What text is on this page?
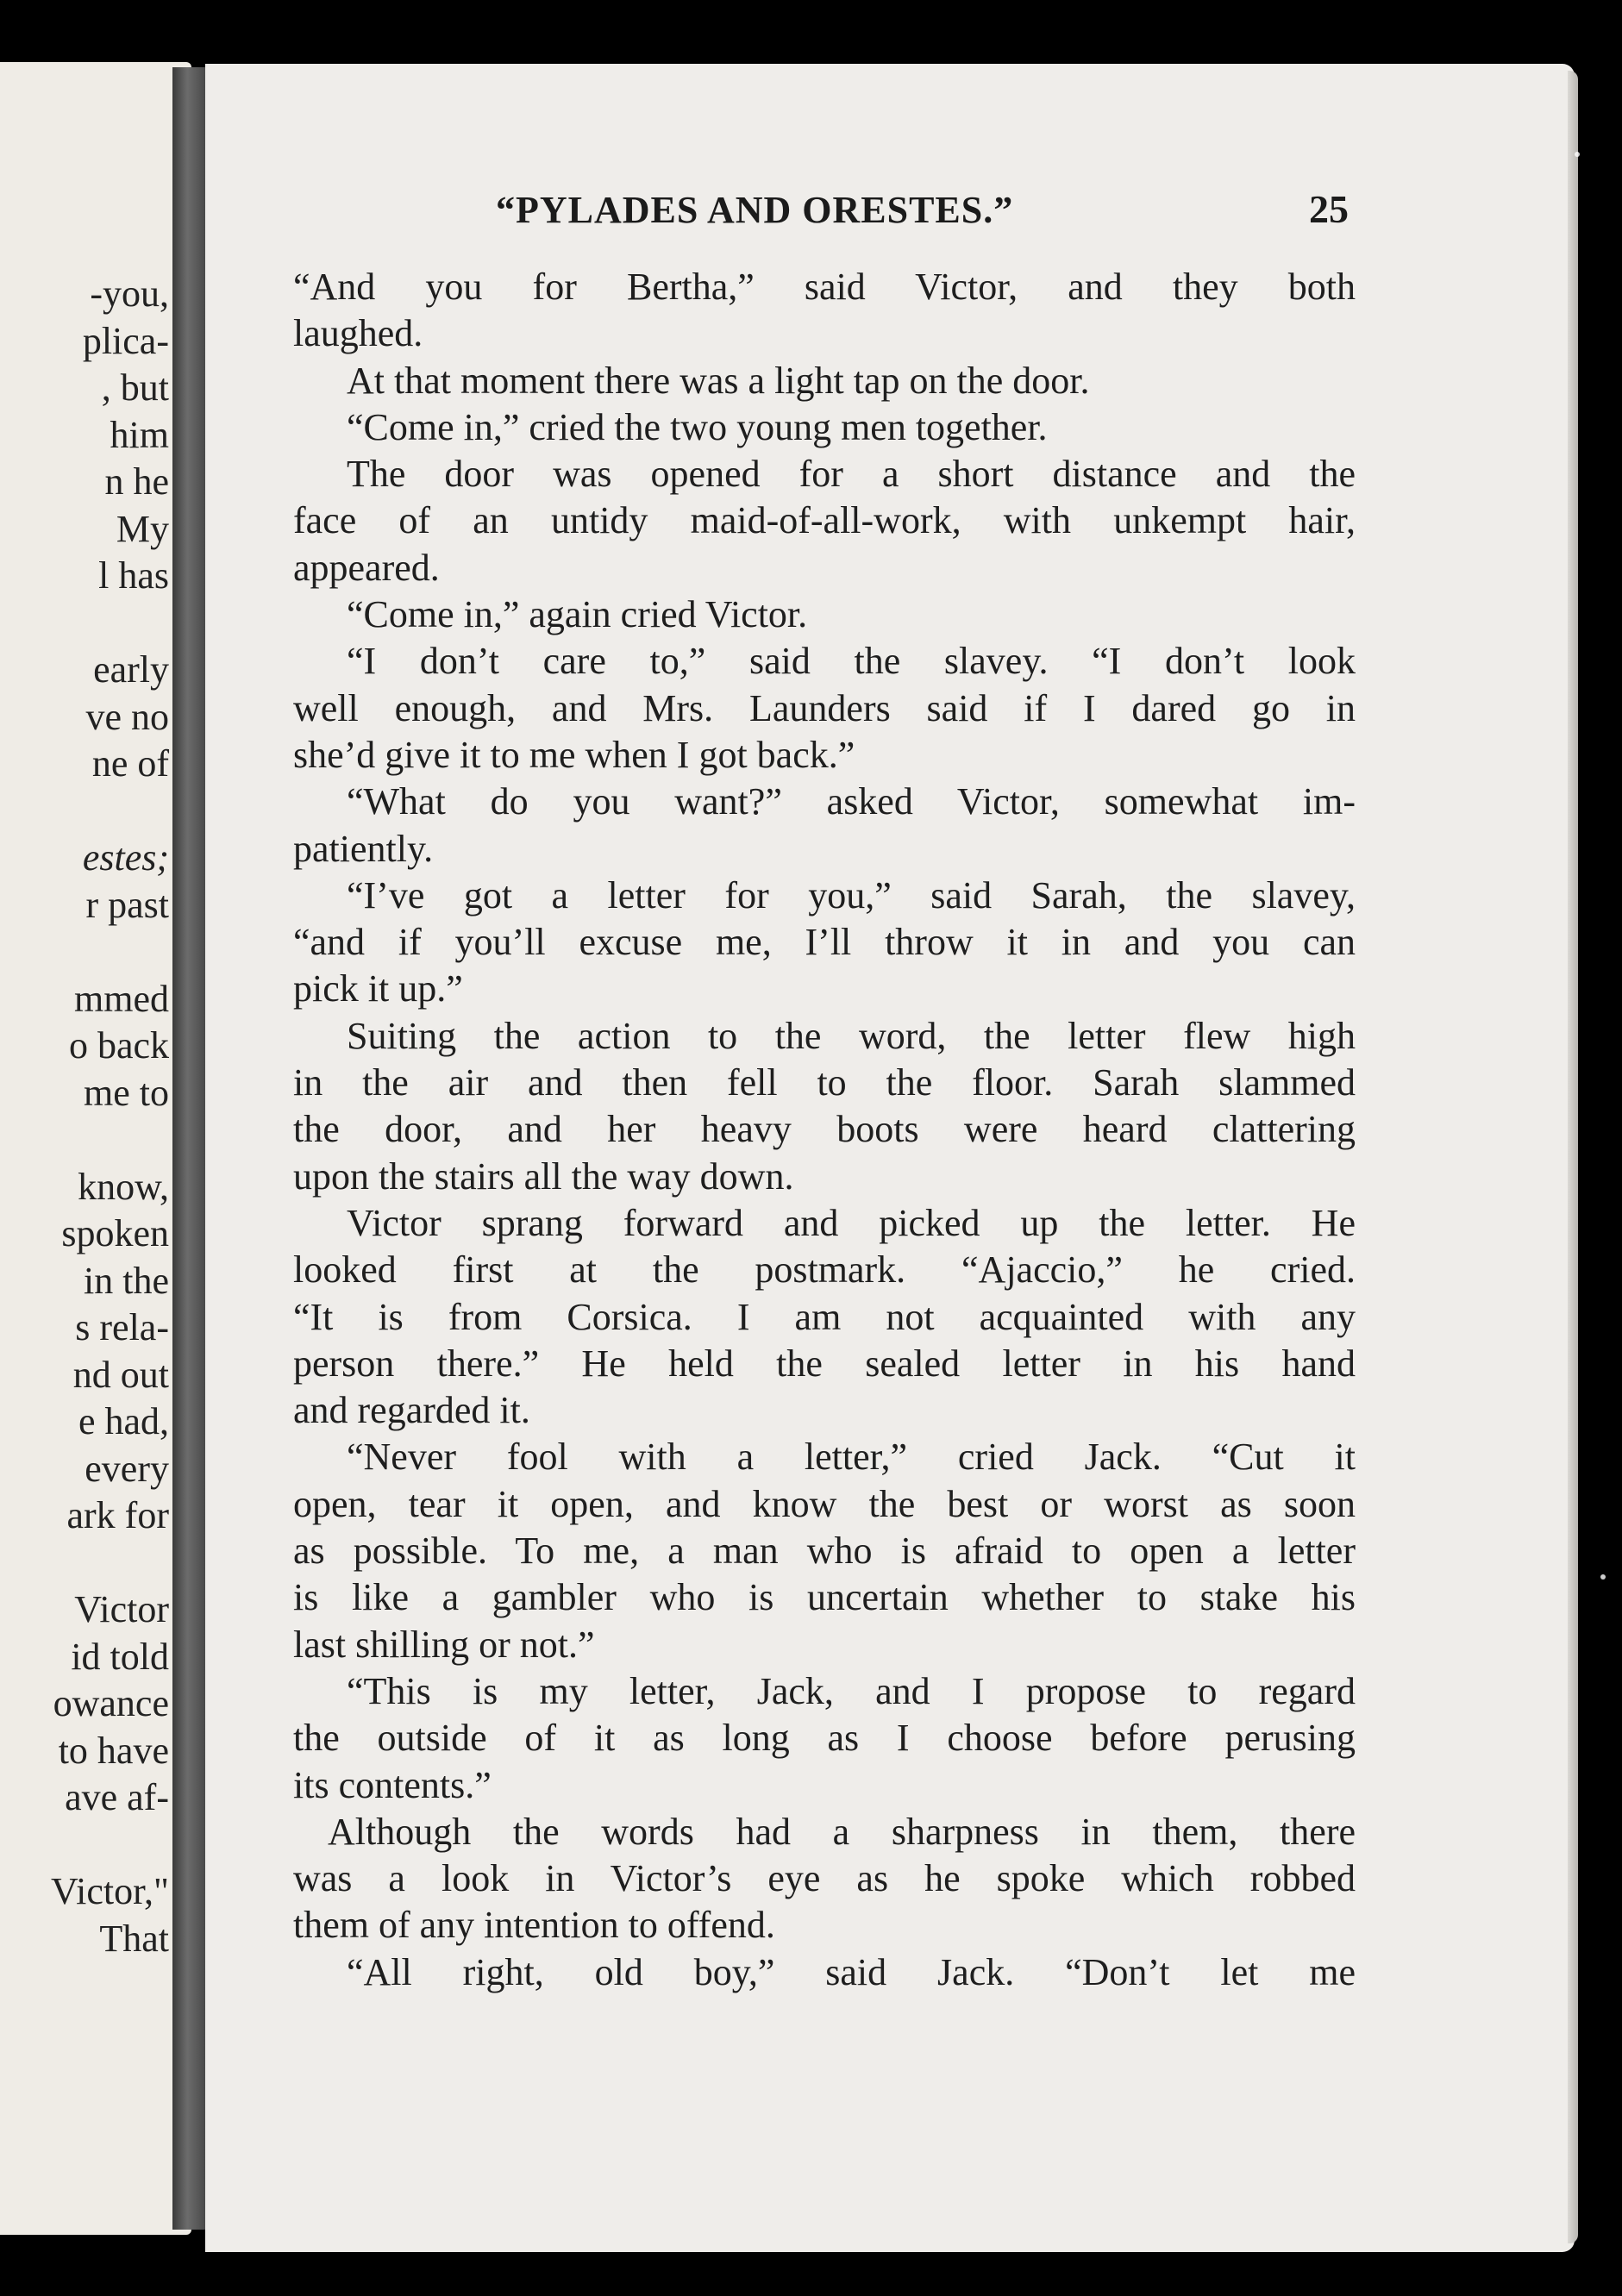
-you,
plica-
, but
him
n he
My
l has
early
ve no
ne of
estes;
r past
mmed
o back
me to
know,
spoken
in the
s rela-
nd out
e had,
every
ark for
Victor
id told
owance
to have
ave af-
Victor,"
That
“PYLADES AND ORESTES.”	25
“And you for Bertha,” said Victor, and they both
laughed.
At that moment there was a light tap on the door.
“Come in,” cried the two young men together.
The door was opened for a short distance and the
face of an untidy maid-of-all-work, with unkempt hair,
appeared.
“Come in,” again cried Victor.
“I don’t care to,” said the slavey. “I don’t look
well enough, and Mrs. Launders said if I dared go in
she’d give it to me when I got back.”
“What do you want?” asked Victor, somewhat im-
patiently.
“I’ve got a letter for you,” said Sarah, the slavey,
“and if you’ll excuse me, I’ll throw it in and you can
pick it up.”
Suiting the action to the word, the letter flew high
in the air and then fell to the floor. Sarah slammed
the door, and her heavy boots were heard clattering
upon the stairs all the way down.
Victor sprang forward and picked up the letter. He
looked first at the postmark. “Ajaccio,” he cried.
“It is from Corsica. I am not acquainted with any
person there.” He held the sealed letter in his hand
and regarded it.
“Never fool with a letter,” cried Jack. “Cut it
open, tear it open, and know the best or worst as soon
as possible. To me, a man who is afraid to open a letter
is like a gambler who is uncertain whether to stake his
last shilling or not.”
“This is my letter, Jack, and I propose to regard
the outside of it as long as I choose before perusing
its contents.”
Although the words had a sharpness in them, there
was a look in Victor’s eye as he spoke which robbed
them of any intention to offend.
“All right, old boy,” said Jack. “Don’t let me
